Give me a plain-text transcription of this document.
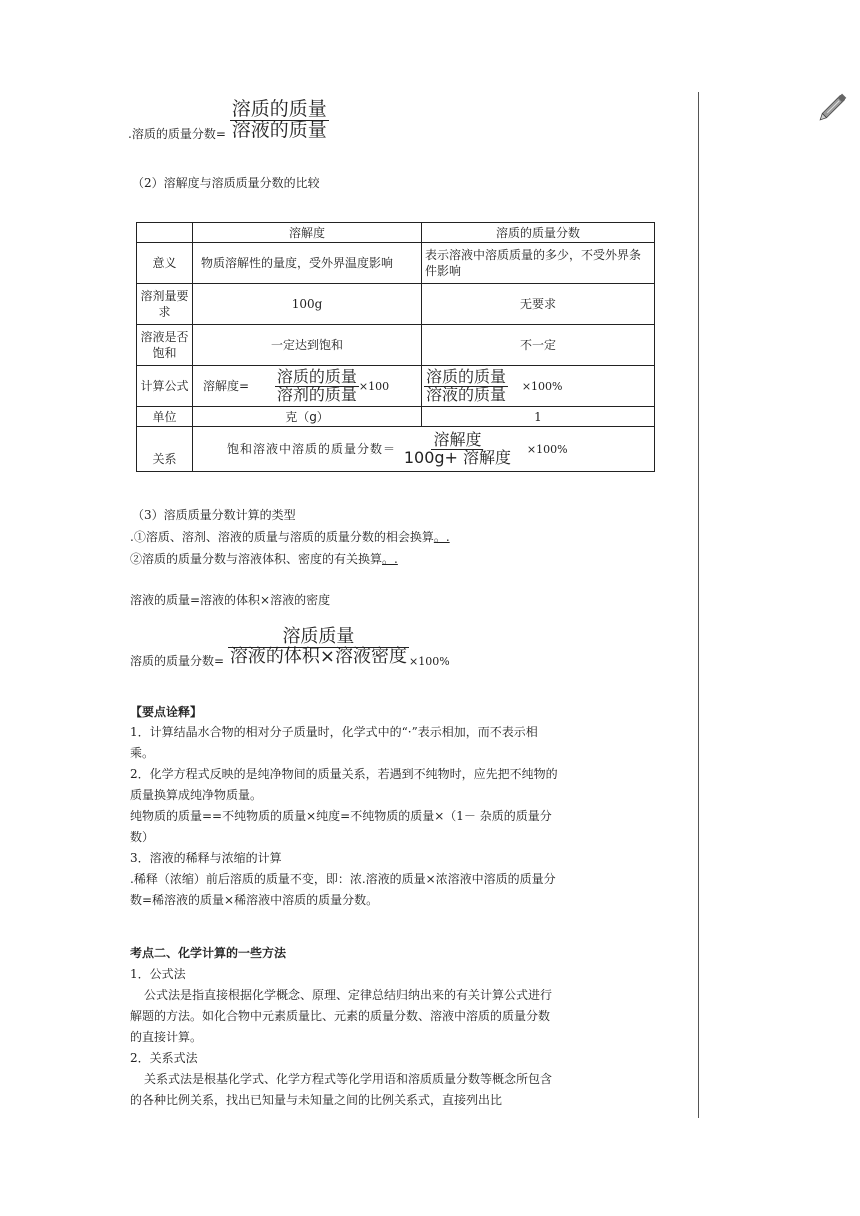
.溶质的质量分数= $\frac{\text{溶质的质量}}{\text{溶液的质量}}$
（2）溶解度与溶质质量分数的比较
	溶解度	溶质的质量分数
意义	物质溶解性的量度，受外界温度影响	表示溶液中溶质质量的多少，不受外界条件影响
溶剂量要求	100g	无要求
溶液是否饱和	一定达到饱和	不一定
计算公式	溶解度= $\frac{\text{溶质的质量}}{\text{溶剂的质量}} \times 100$	$\frac{\text{溶质的质量}}{\text{溶液的质量}} \times 100\%$
单位	克（g）	1
关系	饱和溶液中溶质的质量分数＝ $\frac{\text{溶解度}}{\text{100g+ 溶解度}} \times 100\%$	
（3）溶质质量分数计算的类型
.①溶质、溶剂、溶液的质量与溶质的质量分数的相会换算。.
②溶质的质量分数与溶液体积、密度的有关换算。.
溶液的质量=溶液的体积×溶液的密度
溶质的质量分数= $\frac{\text{溶质质量}}{\text{溶液的体积×溶液密度}} \times 100\%$
【要点诠释】
1．计算结晶水合物的相对分子质量时，化学式中的“·”表示相加，而不表示相乘。
2．化学方程式反映的是纯净物间的质量关系，若遇到不纯物时，应先把不纯物的质量换算成纯净物质量。
纯物质的质量==不纯物质的质量×纯度=不纯物质的质量×（1－ 杂质的质量分数）
3．溶液的稀释与浓缩的计算
.稀释（浓缩）前后溶质的质量不变，即：浓.溶液的质量×浓溶液中溶质的质量分数=稀溶液的质量×稀溶液中溶质的质量分数。
考点二、化学计算的一些方法
1．公式法
公式法是指直接根据化学概念、原理、定律总结归纳出来的有关计算公式进行解题的方法。如化合物中元素质量比、元素的质量分数、溶液中溶质的质量分数的直接计算。
2．关系式法
关系式法是根基化学式、化学方程式等化学用语和溶质质量分数等概念所包含的各种比例关系，找出已知量与未知量之间的比例关系式，直接列出比
